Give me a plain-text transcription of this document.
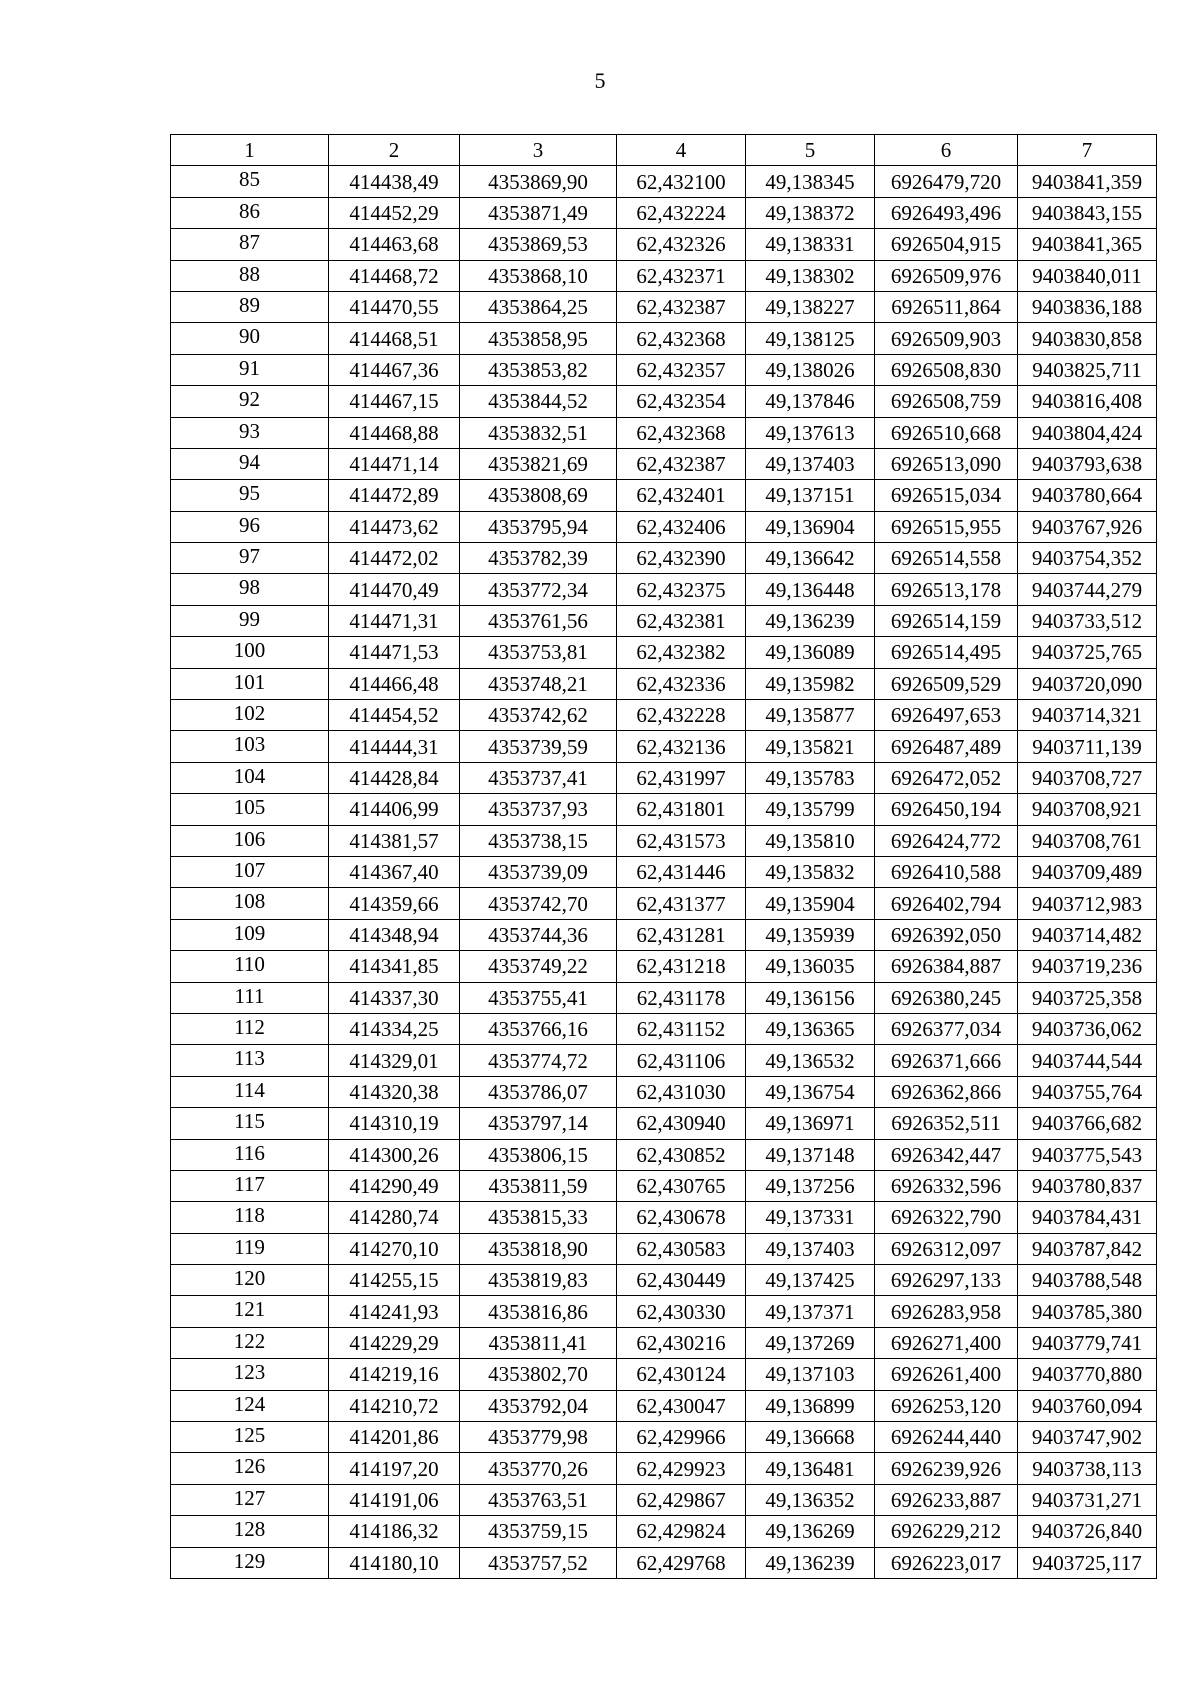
5
1	2	3	4	5	6	7
85	414438,49	4353869,90	62,432100	49,138345	6926479,720	9403841,359
86	414452,29	4353871,49	62,432224	49,138372	6926493,496	9403843,155
87	414463,68	4353869,53	62,432326	49,138331	6926504,915	9403841,365
88	414468,72	4353868,10	62,432371	49,138302	6926509,976	9403840,011
89	414470,55	4353864,25	62,432387	49,138227	6926511,864	9403836,188
90	414468,51	4353858,95	62,432368	49,138125	6926509,903	9403830,858
91	414467,36	4353853,82	62,432357	49,138026	6926508,830	9403825,711
92	414467,15	4353844,52	62,432354	49,137846	6926508,759	9403816,408
93	414468,88	4353832,51	62,432368	49,137613	6926510,668	9403804,424
94	414471,14	4353821,69	62,432387	49,137403	6926513,090	9403793,638
95	414472,89	4353808,69	62,432401	49,137151	6926515,034	9403780,664
96	414473,62	4353795,94	62,432406	49,136904	6926515,955	9403767,926
97	414472,02	4353782,39	62,432390	49,136642	6926514,558	9403754,352
98	414470,49	4353772,34	62,432375	49,136448	6926513,178	9403744,279
99	414471,31	4353761,56	62,432381	49,136239	6926514,159	9403733,512
100	414471,53	4353753,81	62,432382	49,136089	6926514,495	9403725,765
101	414466,48	4353748,21	62,432336	49,135982	6926509,529	9403720,090
102	414454,52	4353742,62	62,432228	49,135877	6926497,653	9403714,321
103	414444,31	4353739,59	62,432136	49,135821	6926487,489	9403711,139
104	414428,84	4353737,41	62,431997	49,135783	6926472,052	9403708,727
105	414406,99	4353737,93	62,431801	49,135799	6926450,194	9403708,921
106	414381,57	4353738,15	62,431573	49,135810	6926424,772	9403708,761
107	414367,40	4353739,09	62,431446	49,135832	6926410,588	9403709,489
108	414359,66	4353742,70	62,431377	49,135904	6926402,794	9403712,983
109	414348,94	4353744,36	62,431281	49,135939	6926392,050	9403714,482
110	414341,85	4353749,22	62,431218	49,136035	6926384,887	9403719,236
111	414337,30	4353755,41	62,431178	49,136156	6926380,245	9403725,358
112	414334,25	4353766,16	62,431152	49,136365	6926377,034	9403736,062
113	414329,01	4353774,72	62,431106	49,136532	6926371,666	9403744,544
114	414320,38	4353786,07	62,431030	49,136754	6926362,866	9403755,764
115	414310,19	4353797,14	62,430940	49,136971	6926352,511	9403766,682
116	414300,26	4353806,15	62,430852	49,137148	6926342,447	9403775,543
117	414290,49	4353811,59	62,430765	49,137256	6926332,596	9403780,837
118	414280,74	4353815,33	62,430678	49,137331	6926322,790	9403784,431
119	414270,10	4353818,90	62,430583	49,137403	6926312,097	9403787,842
120	414255,15	4353819,83	62,430449	49,137425	6926297,133	9403788,548
121	414241,93	4353816,86	62,430330	49,137371	6926283,958	9403785,380
122	414229,29	4353811,41	62,430216	49,137269	6926271,400	9403779,741
123	414219,16	4353802,70	62,430124	49,137103	6926261,400	9403770,880
124	414210,72	4353792,04	62,430047	49,136899	6926253,120	9403760,094
125	414201,86	4353779,98	62,429966	49,136668	6926244,440	9403747,902
126	414197,20	4353770,26	62,429923	49,136481	6926239,926	9403738,113
127	414191,06	4353763,51	62,429867	49,136352	6926233,887	9403731,271
128	414186,32	4353759,15	62,429824	49,136269	6926229,212	9403726,840
129	414180,10	4353757,52	62,429768	49,136239	6926223,017	9403725,117
